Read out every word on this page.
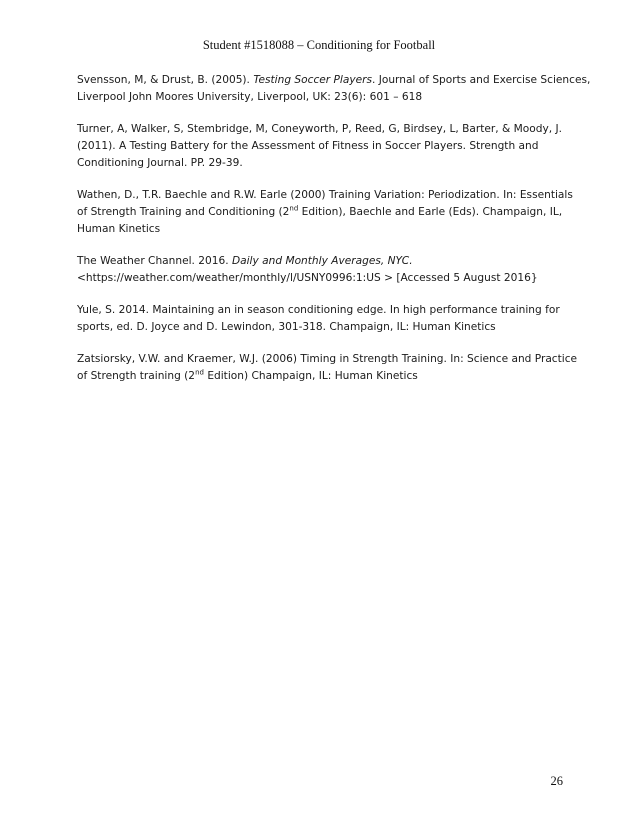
Student #1518088 – Conditioning for Football

Svensson, M, & Drust, B. (2005). Testing Soccer Players. Journal of Sports and Exercise Sciences,
Liverpool John Moores University, Liverpool, UK: 23(6): 601 – 618

Turner, A, Walker, S, Stembridge, M, Coneyworth, P, Reed, G, Birdsey, L, Barter, & Moody, J.
(2011). A Testing Battery for the Assessment of Fitness in Soccer Players. Strength and
Conditioning Journal. PP. 29-39.

Wathen, D., T.R. Baechle and R.W. Earle (2000) Training Variation: Periodization. In: Essentials
of Strength Training and Conditioning (2nd Edition), Baechle and Earle (Eds). Champaign, IL,
Human Kinetics

The Weather Channel. 2016. Daily and Monthly Averages, NYC.
<https://weather.com/weather/monthly/l/USNY0996:1:US > [Accessed 5 August 2016}

Yule, S. 2014. Maintaining an in season conditioning edge. In high performance training for
sports, ed. D. Joyce and D. Lewindon, 301-318. Champaign, IL: Human Kinetics

Zatsiorsky, V.W. and Kraemer, W.J. (2006) Timing in Strength Training. In: Science and Practice
of Strength training (2nd Edition) Champaign, IL: Human Kinetics

26
